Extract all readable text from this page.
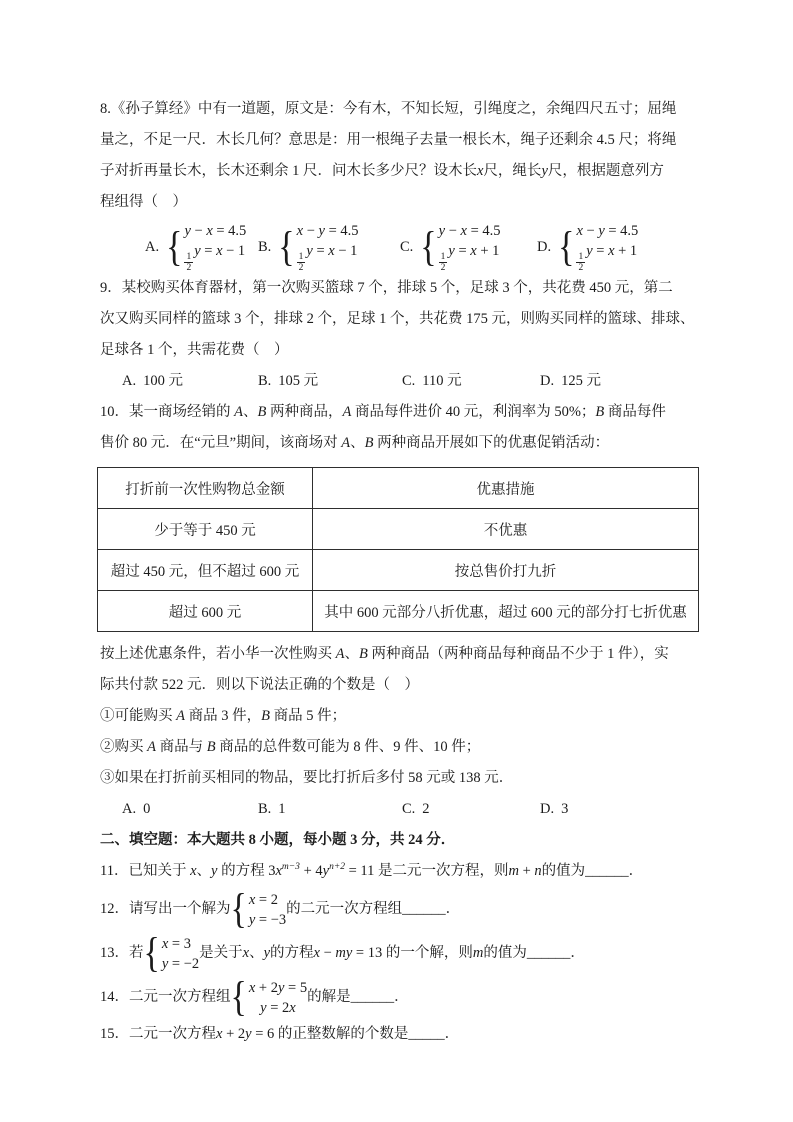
8.《孙子算经》中有一道题，原文是：今有木，不知长短，引绳度之，余绳四尺五寸；屈绳
量之，不足一尺．木长几何？意思是：用一根绳子去量一根长木，绳子还剩余 4.5 尺；将绳
子对折再量长木，长木还剩余 1 尺．问木长多少尺？设木长x尺，绳长y尺，根据题意列方
程组得（　）
A. { y − x = 4.5
$\frac{1}{2}$
y = x − 1 B. { x − y = 4.5
$\frac{1}{2}$
y = x − 1	C. { y − x = 4.5
$\frac{1}{2}$
y = x + 1	D. { x − y = 4.5
$\frac{1}{2}$
y = x + 1
9．某校购买体育器材，第一次购买篮球 7 个，排球 5 个，足球 3 个，共花费 450 元，第二
次又购买同样的篮球 3 个，排球 2 个，足球 1 个，共花费 175 元，则购买同样的篮球、排球、
足球各 1 个，共需花费（　）
A. 100 元	B. 105 元	C. 110 元	D. 125 元
10．某一商场经销的 A、B 两种商品，A 商品每件进价 40 元，利润率为 50%；B 商品每件
售价 80 元．在“元旦”期间，该商场对 A、B 两种商品开展如下的优惠促销活动：
打折前一次性购物总金额	优惠措施
少于等于 450 元	不优惠
超过 450 元，但不超过 600 元	按总售价打九折
超过 600 元	其中 600 元部分八折优惠，超过 600 元的部分打七折优惠
按上述优惠条件，若小华一次性购买 A、B 两种商品（两种商品每种商品不少于 1 件），实
际共付款 522 元．则以下说法正确的个数是（　）
①可能购买 A 商品 3 件，B 商品 5 件；
②购买 A 商品与 B 商品的总件数可能为 8 件、9 件、10 件；
③如果在打折前买相同的物品，要比打折后多付 58 元或 138 元．
A. 0	B. 1	C. 2	D. 3
二、填空题：本大题共 8 小题，每小题 3 分，共 24 分．
11．已知关于 x、y 的方程 $3x^{m-3} + 4y^{n+2} = 11$ 是二元一次方程，则m + n的值为______．
12．请写出一个解为 { x = 2
y = −3
的二元一次方程组______．
13．若 { x = 3
y = −2
是关于x、y的方程x − my = 13 的一个解，则m的值为______．
14．二元一次方程组 { x + 2y = 5
y = 2x
的解是______．
15．二元一次方程x + 2y = 6 的正整数解的个数是_____．
